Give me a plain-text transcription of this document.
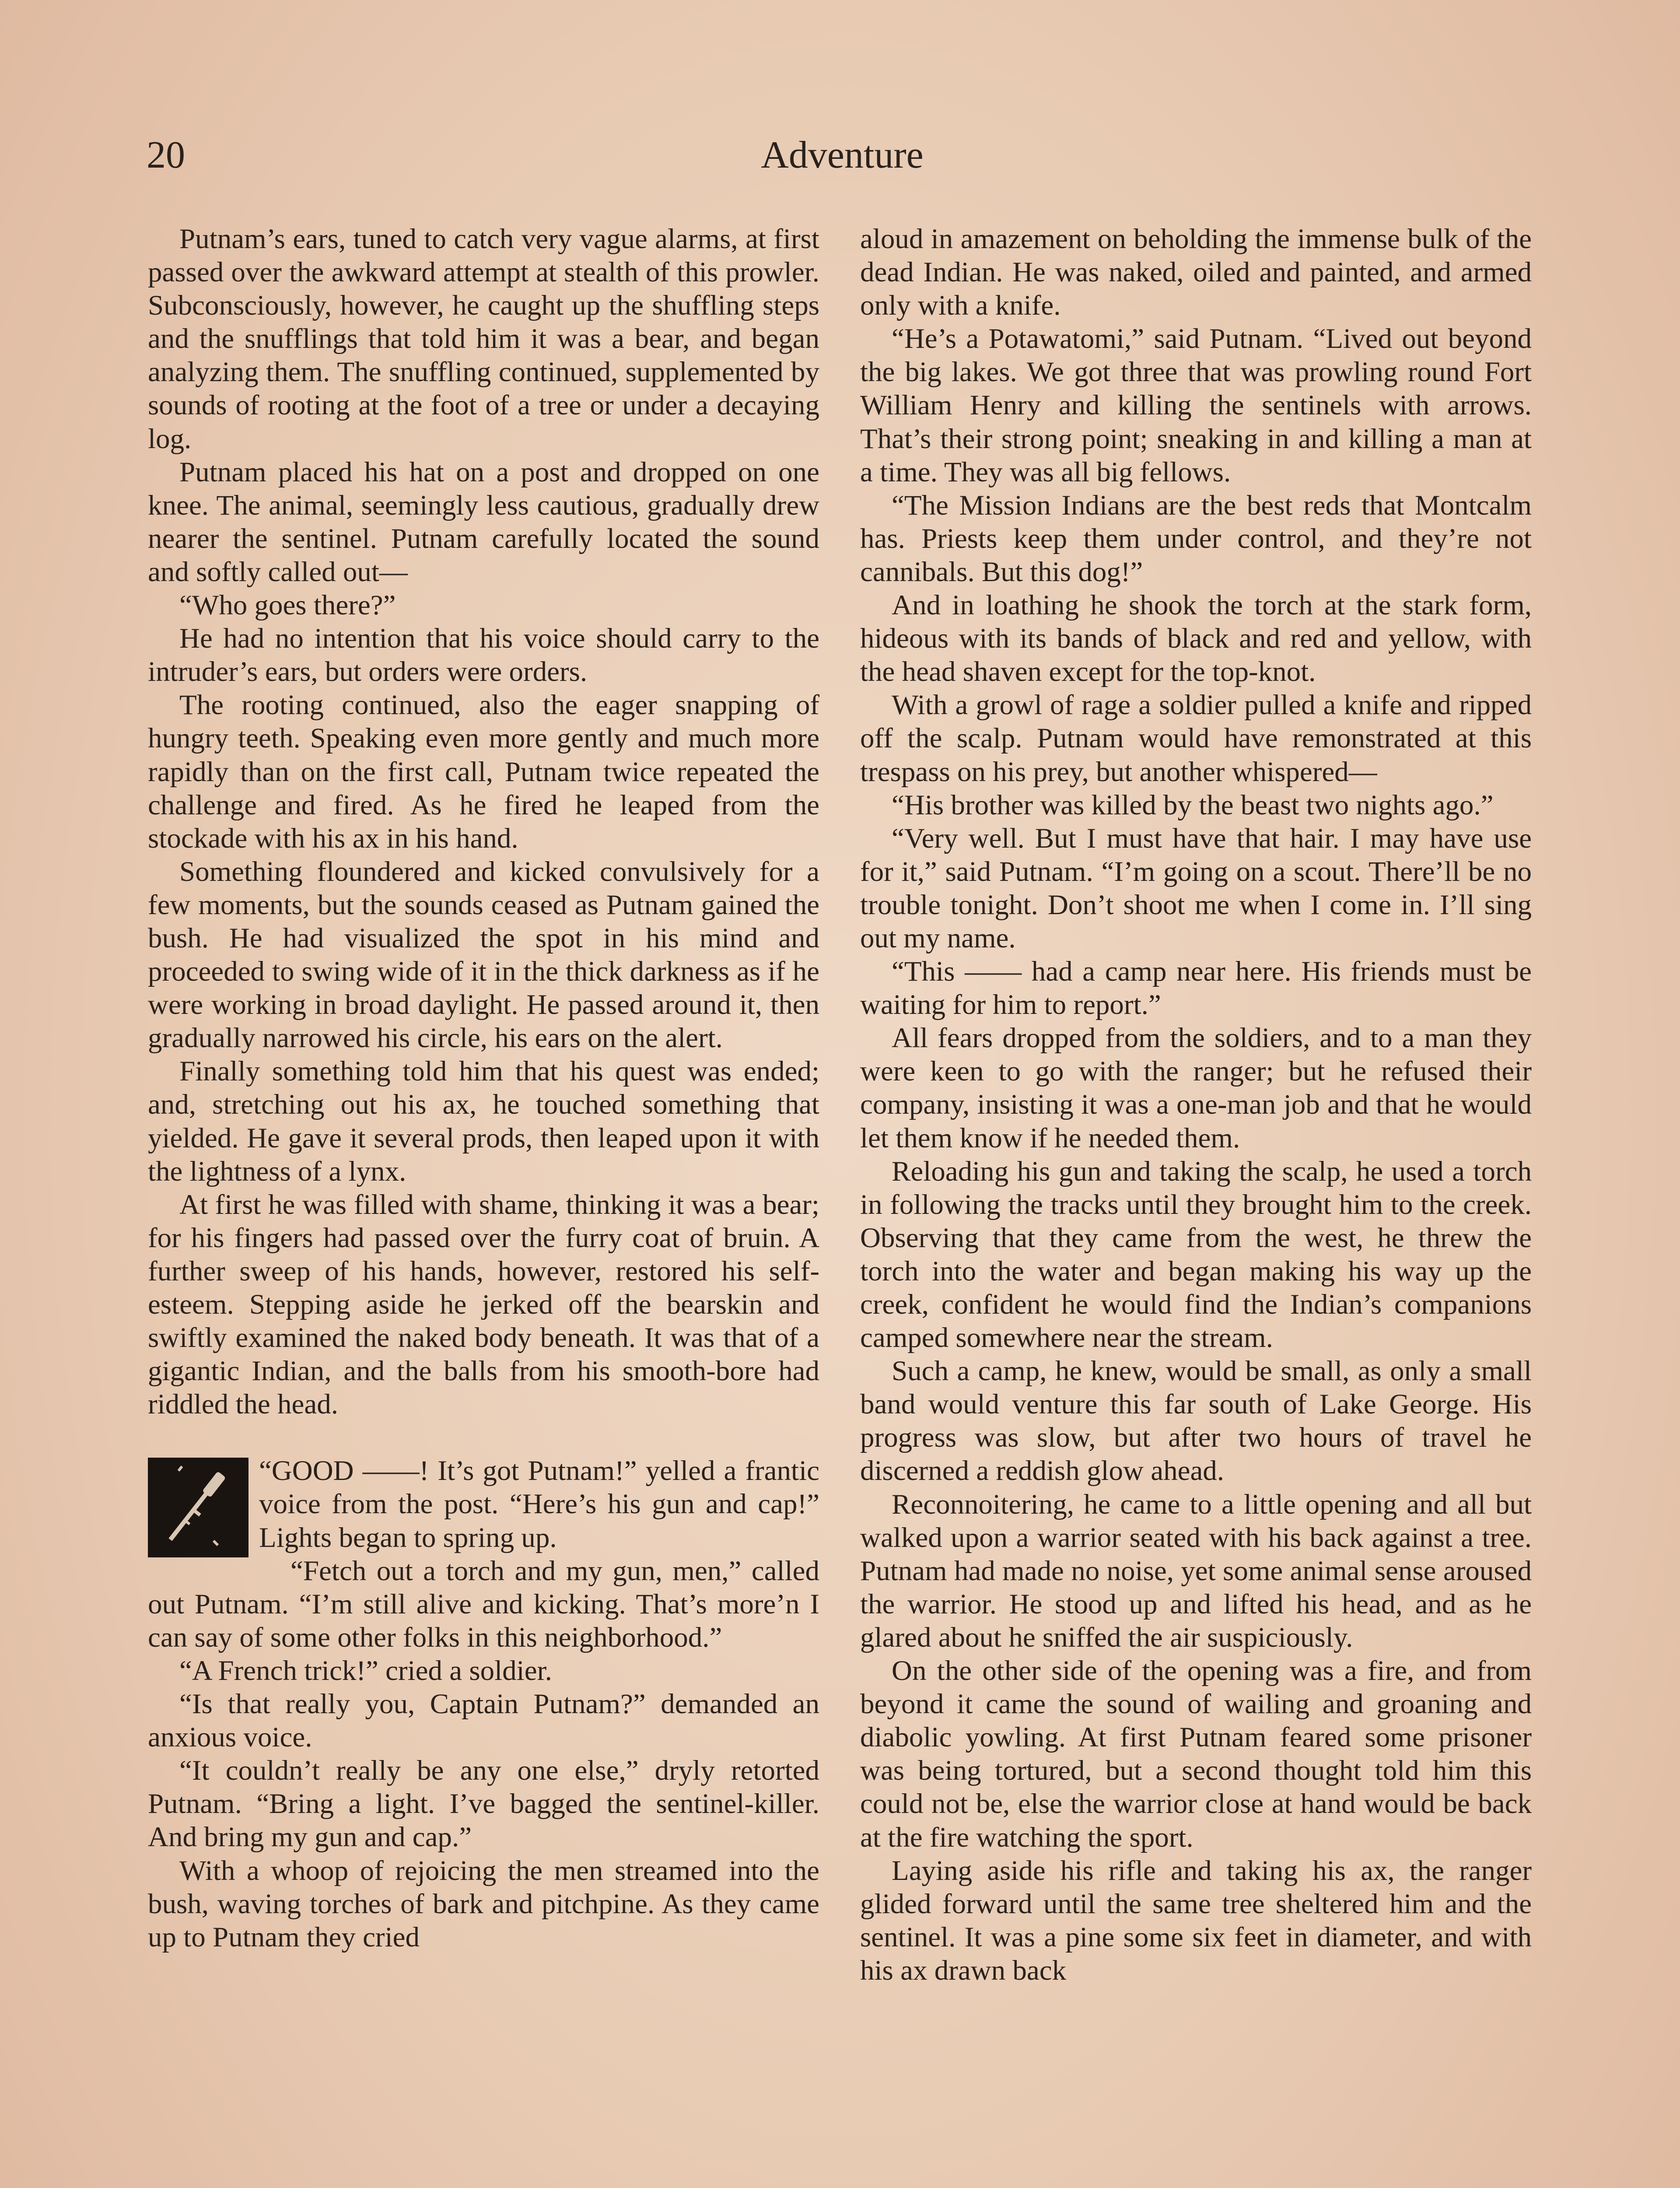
20	Adventure

Putnam’s ears, tuned to catch very vague alarms, at first passed over the awkward attempt at stealth of this prowler. Subconsciously, however, he caught up the shuffling steps and the snufflings that told him it was a bear, and began analyzing them. The snuffling continued, supplemented by sounds of rooting at the foot of a tree or under a decaying log.

Putnam placed his hat on a post and dropped on one knee. The animal, seemingly less cautious, gradually drew nearer the sentinel. Putnam carefully located the sound and softly called out—

“Who goes there?”

He had no intention that his voice should carry to the intruder’s ears, but orders were orders.

The rooting continued, also the eager snapping of hungry teeth. Speaking even more gently and much more rapidly than on the first call, Putnam twice repeated the challenge and fired. As he fired he leaped from the stockade with his ax in his hand.

Something floundered and kicked convulsively for a few moments, but the sounds ceased as Putnam gained the bush. He had visualized the spot in his mind and proceeded to swing wide of it in the thick darkness as if he were working in broad daylight. He passed around it, then gradually narrowed his circle, his ears on the alert.

Finally something told him that his quest was ended; and, stretching out his ax, he touched something that yielded. He gave it several prods, then leaped upon it with the lightness of a lynx.

At first he was filled with shame, thinking it was a bear; for his fingers had passed over the furry coat of bruin. A further sweep of his hands, however, restored his self-esteem. Stepping aside he jerked off the bearskin and swiftly examined the naked body beneath. It was that of a gigantic Indian, and the balls from his smooth-bore had riddled the head.

“GOOD ——! It’s got Putnam!” yelled a frantic voice from the post. “Here’s his gun and cap!” Lights began to spring up.

“Fetch out a torch and my gun, men,” called out Putnam. “I’m still alive and kicking. That’s more’n I can say of some other folks in this neighborhood.”

“A French trick!” cried a soldier.

“Is that really you, Captain Putnam?” demanded an anxious voice.

“It couldn’t really be any one else,” dryly retorted Putnam. “Bring a light. I’ve bagged the sentinel-killer. And bring my gun and cap.”

With a whoop of rejoicing the men streamed into the bush, waving torches of bark and pitchpine. As they came up to Putnam they cried

aloud in amazement on beholding the immense bulk of the dead Indian. He was naked, oiled and painted, and armed only with a knife.

“He’s a Potawatomi,” said Putnam. “Lived out beyond the big lakes. We got three that was prowling round Fort William Henry and killing the sentinels with arrows. That’s their strong point; sneaking in and killing a man at a time. They was all big fellows.

“The Mission Indians are the best reds that Montcalm has. Priests keep them under control, and they’re not cannibals. But this dog!”

And in loathing he shook the torch at the stark form, hideous with its bands of black and red and yellow, with the head shaven except for the top-knot.

With a growl of rage a soldier pulled a knife and ripped off the scalp. Putnam would have remonstrated at this trespass on his prey, but another whispered—

“His brother was killed by the beast two nights ago.”

“Very well. But I must have that hair. I may have use for it,” said Putnam. “I’m going on a scout. There’ll be no trouble tonight. Don’t shoot me when I come in. I’ll sing out my name.

“This —— had a camp near here. His friends must be waiting for him to report.”

All fears dropped from the soldiers, and to a man they were keen to go with the ranger; but he refused their company, insisting it was a one-man job and that he would let them know if he needed them.

Reloading his gun and taking the scalp, he used a torch in following the tracks until they brought him to the creek. Observing that they came from the west, he threw the torch into the water and began making his way up the creek, confident he would find the Indian’s companions camped somewhere near the stream.

Such a camp, he knew, would be small, as only a small band would venture this far south of Lake George. His progress was slow, but after two hours of travel he discerned a reddish glow ahead.

Reconnoitering, he came to a little opening and all but walked upon a warrior seated with his back against a tree. Putnam had made no noise, yet some animal sense aroused the warrior. He stood up and lifted his head, and as he glared about he sniffed the air suspiciously.

On the other side of the opening was a fire, and from beyond it came the sound of wailing and groaning and diabolic yowling. At first Putnam feared some prisoner was being tortured, but a second thought told him this could not be, else the warrior close at hand would be back at the fire watching the sport.

Laying aside his rifle and taking his ax, the ranger glided forward until the same tree sheltered him and the sentinel. It was a pine some six feet in diameter, and with his ax drawn back
